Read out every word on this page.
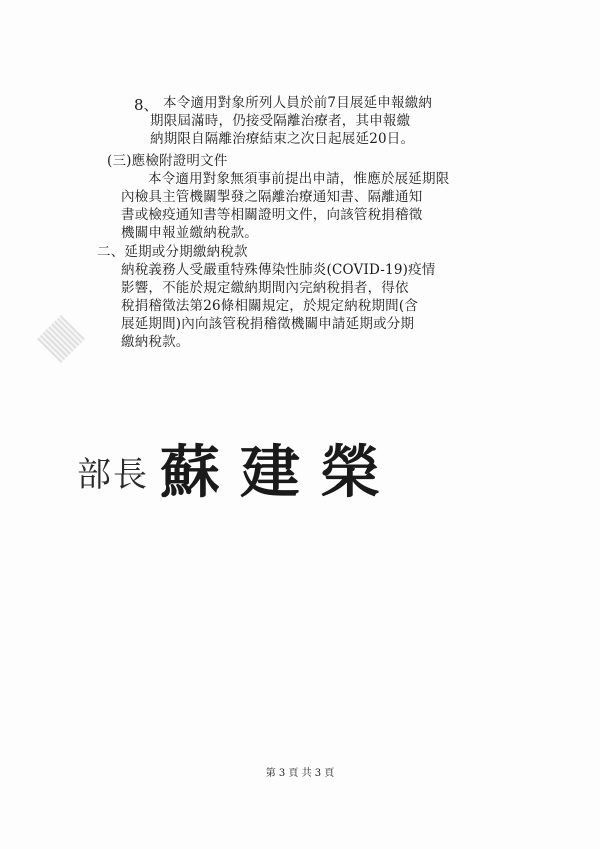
8、 本令適用對象所列人員於前7目展延申報繳納
期限屆滿時，仍接受隔離治療者，其申報繳
納期限自隔離治療結束之次日起展延20日。
(三)應檢附證明文件
本令適用對象無須事前提出申請，惟應於展延期限
內檢具主管機關掣發之隔離治療通知書、隔離通知
書或檢疫通知書等相關證明文件，向該管稅捐稽徵
機關申報並繳納稅款。
二、延期或分期繳納稅款
納稅義務人受嚴重特殊傳染性肺炎(COVID-19)疫情
影響，不能於規定繳納期間內完納稅捐者，得依
稅捐稽徵法第26條相關規定，於規定納稅期間(含
展延期間)內向該管稅捐稽徵機關申請延期或分期
繳納稅款。
部長 蘇建榮
第 3 頁 共 3 頁
